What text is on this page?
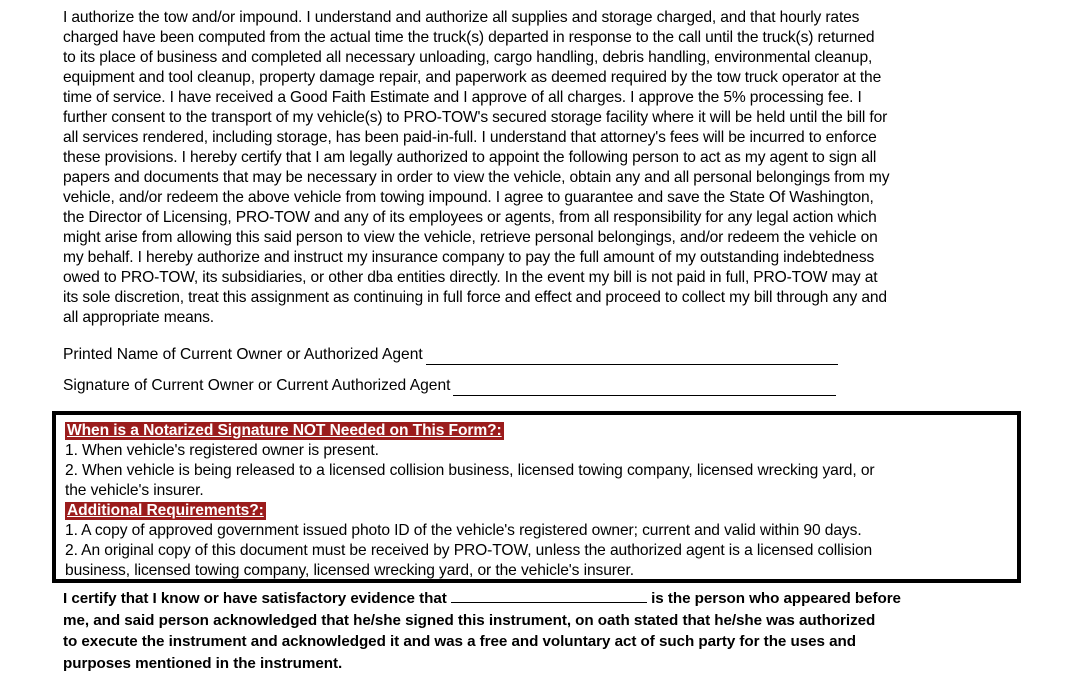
I authorize the tow and/or impound. I understand and authorize all supplies and storage charged, and that hourly rates
charged have been computed from the actual time the truck(s) departed in response to the call until the truck(s) returned
to its place of business and completed all necessary unloading, cargo handling, debris handling, environmental cleanup,
equipment and tool cleanup, property damage repair, and paperwork as deemed required by the tow truck operator at the
time of service. I have received a Good Faith Estimate and I approve of all charges. I approve the 5% processing fee. I
further consent to the transport of my vehicle(s) to PRO-TOW's secured storage facility where it will be held until the bill for
all services rendered, including storage, has been paid-in-full. I understand that attorney's fees will be incurred to enforce
these provisions. I hereby certify that I am legally authorized to appoint the following person to act as my agent to sign all
papers and documents that may be necessary in order to view the vehicle, obtain any and all personal belongings from my
vehicle, and/or redeem the above vehicle from towing impound. I agree to guarantee and save the State Of Washington,
the Director of Licensing, PRO-TOW and any of its employees or agents, from all responsibility for any legal action which
might arise from allowing this said person to view the vehicle, retrieve personal belongings, and/or redeem the vehicle on
my behalf. I hereby authorize and instruct my insurance company to pay the full amount of my outstanding indebtedness
owed to PRO-TOW, its subsidiaries, or other dba entities directly. In the event my bill is not paid in full, PRO-TOW may at
its sole discretion, treat this assignment as continuing in full force and effect and proceed to collect my bill through any and
all appropriate means.
Printed Name of Current Owner or Authorized Agent
Signature of Current Owner or Current Authorized Agent
When is a Notarized Signature NOT Needed on This Form?:
1. When vehicle's registered owner is present.
2. When vehicle is being released to a licensed collision business, licensed towing company, licensed wrecking yard, or
the vehicle's insurer.
Additional Requirements?:
1. A copy of approved government issued photo ID of the vehicle's registered owner; current and valid within 90 days.
2. An original copy of this document must be received by PRO-TOW, unless the authorized agent is a licensed collision
business, licensed towing company, licensed wrecking yard, or the vehicle's insurer.
I certify that I know or have satisfactory evidence that	is the person who appeared before
me, and said person acknowledged that he/she signed this instrument, on oath stated that he/she was authorized
to execute the instrument and acknowledged it and was a free and voluntary act of such party for the uses and
purposes mentioned in the instrument.
